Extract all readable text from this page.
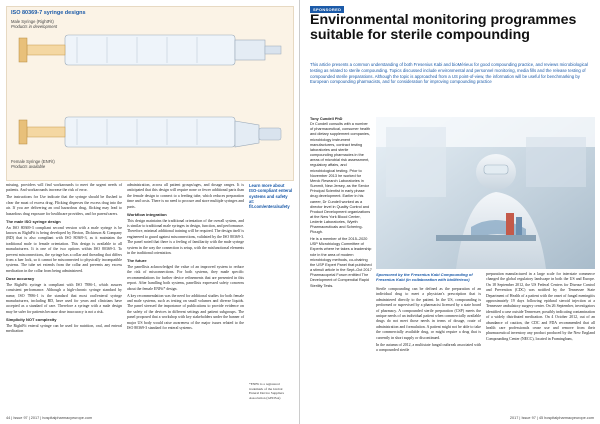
ISO 80369-7 syringe designs
Male Syringe (RightFit)
Products in development
Female Syringe (ENFit)
Products available

missing, providers will find workarounds to meet the urgent needs of patients. And workarounds increase the risk of error.

The instructions for Use indicate that the syringe should be flushed to clear the moat of excess drug. Flicking disperses the excess drug into the air. If you are delivering an oral hazardous drug, flicking may lead to hazardous drug exposure for healthcare providers, and for parent/carers.

The male ISO syringe design

An ISO 80369-3 compliant second version with a male syringe is be known as RightFit is being developed by Becton, Dickinson & Company (BD) that is also compliant with ISO 80369-3, as it maintains the traditional male to female orientation. This design is available to all manufacturers. It is one of the two options within ISO 80369-3. To prevent misconnections, the syringe has a collar and threading that differs from a luer lock, so it cannot be misconnected to physically incompatible systems. The tube set extends from the collar and prevents any excess medication in the collar from being administered.

Dose accuracy

The RightFit syringe is compliant with ISO 7886-1, which assures consistent performance. Although a high-chronic syringe standard by name, ISO 7886-1 is the standard that most oral/enteral syringe manufacturers, including BD, have used for years and clinicians have accepted as a standard of care. Therefore a syringe with a male design may be safer for patients because dose inaccuracy is not a risk.

Simplicity NOT complexity

The RightFit enteral syringe can be used for nutrition, oral, and enteral medication

administration, across all patient groups/ages, and dosage ranges. It is anticipated that this design will require none or fewer additional parts than the female design to connect to a feeding tube, which reduces preparation time and costs. There is no need to procure and store multiple syringes and parts.

Workflow integration

This design maintains the traditional orientation of the overall system, and is similar to traditional male syringes in design, function, and performance. Therefore, minimal additional training will be required. The design itself is engineered to guard against misconnections, validated by the ISO 80369-3. The panel noted that there is a feeling of familiarity with the male syringe system in the way the connection is setup, with the misfunctional elements in the traditional orientation.

The future

The panellists acknowledged the value of an improved system to reduce the risk of misconnections. For both systems, they made specific recommendations for further device refinements that are presented in this report. After handling both systems, panellists expressed safety concerns about the female ENFit* design.

A key recommendation was the need for additional studies for both female and male systems, such as testing on small volumes and diverse liquids. The panel stressed the importance of publications to provide evidence on the safety of the devices in different settings and patient subgroups. The panel proposed that a workshop with key stakeholders under the banner of major US body would raise awareness of the major issues related to the ISO 80369-3 standard for enteral systems.

Learn more about ISO-compliant enteral systems and safety at: fit.com/enteralsafety
*ENFit is a registered trademark of the Global Enteral Device Suppliers Association (GEDSA)
44 | Issue 97 | 2017 | hospitalpharmacyeurope.com
SPONSORED
Environmental monitoring programmes suitable for sterile compounding
This article presents a common understanding of both Fresenius Kabi and bioMérieux for good compounding practice, and reviews microbiological testing as related to sterile compounding. Topics discussed include environmental and personnel monitoring, media fills and the release testing of compounded sterile preparations. Although the topic is approached from a US point-of-view, the information will be useful for benchmarking by European compounding pharmacists, and for consideration for improving compounding practice
Tony Cundell PhD
Dr Cundell consults with a number of pharmaceutical, consumer health and dietary supplement companies, microbiology instrument manufacturers, contract testing laboratories and sterile compounding pharmacies in the areas of microbial risk assessment, regulatory affairs, and microbiological testing. Prior to November 2013 he worked for Merck Research Laboratories in Summit, New Jersey, as the Senior Principal Scientist in early phase drug development. Earlier in his career, Dr Cundell worked as a director level in Quality Control and Product Development organizations at the New York Blood Center, Lederle Laboratories, Wyeth Pharmaceuticals and Schering-Plough.
He is a member of the 2015–2020 USP Microbiology Committee of Experts where he takes a leadership role in the area of modern microbiology methods, co-chairing the USP Expert Panel that published a stimuli article in the Sept–Oct 2017 Pharmacopeial Forum entitled The Development of Compendial Rapid Sterility Tests.
Sponsored by the Fresenius Kabi Compounding of Fresenius Kabi (in collaboration with bioMérieux)

Sterile compounding can be defined as the preparation of an individual drug to meet a physician's prescription that is administered directly to the patient. In the US, compounding is performed or supervised by a pharmacist licensed by a state board of pharmacy. A compounded sterile preparation (CSP) meets the unique needs of an individual patient when commercially available drugs do not meet those needs in terms of dosage, route of administration and formulation. A patient might not be able to take the commercially available drug, or might require a drug that is currently in short supply or discontinued.

In the autumn of 2012, a multistate fungal outbreak associated with a compounded sterile

preparation manufactured in a large scale for interstate commerce changed the global regulatory landscape in both the US and Europe. On 18 September 2012, the US Federal Centers for Disease Control and Prevention (CDC) was notified by the Tennessee State Department of Health of a patient with the onset of fungal meningitis approximately 19 days following epidural steroid injection at a Tennessee ambulatory surgery center. On 26 September, investigators identified a case outside Tennessee, possibly indicating contamination of a widely distributed medication. On 4 October 2012, out of an abundance of caution, the CDC and FDA recommended that all health care professionals cease use and remove from their pharmaceutical inventory any product produced by the New England Compounding Center (NECC), located in Framingham,

2017 | Issue 97 | 45 hospitalpharmacyeurope.com
